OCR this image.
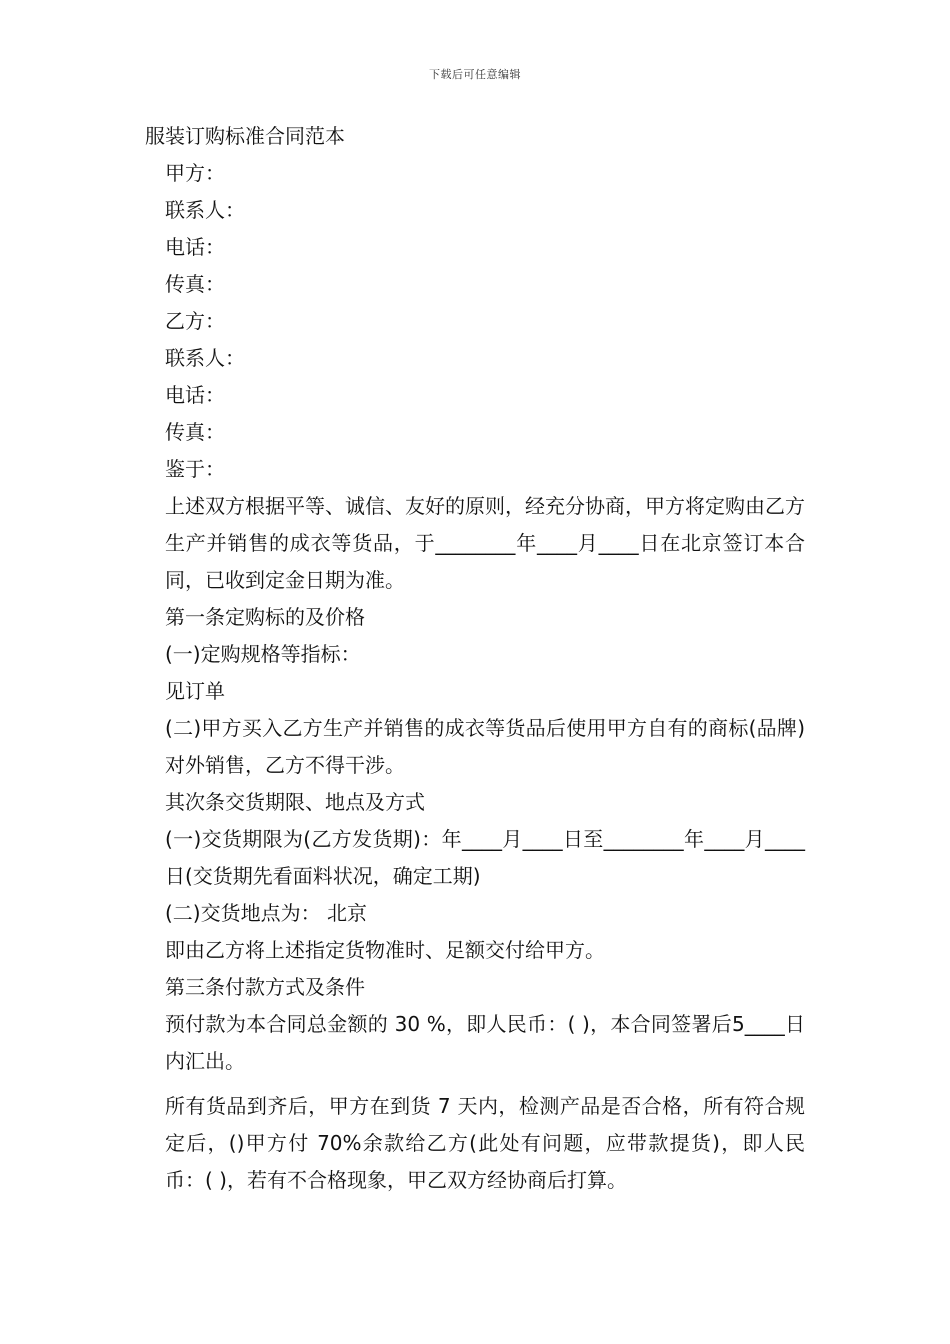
下载后可任意编辑

服装订购标准合同范本

甲方：

联系人：

电话：

传真：

乙方：

联系人：

电话：

传真：

鉴于：

上述双方根据平等、诚信、友好的原则，经充分协商，甲方将定购由乙方生产并销售的成衣等货品，于________年____月____日在北京签订本合同，已收到定金日期为准。

第一条定购标的及价格

(一)定购规格等指标：

见订单

(二)甲方买入乙方生产并销售的成衣等货品后使用甲方自有的商标(品牌)对外销售，乙方不得干涉。

其次条交货期限、地点及方式

(一)交货期限为(乙方发货期)：年____月____日至________年____月____日(交货期先看面料状况，确定工期)

(二)交货地点为： 北京

即由乙方将上述指定货物准时、足额交付给甲方。

第三条付款方式及条件

预付款为本合同总金额的 30 %，即人民币：( )，本合同签署后5____日内汇出。

所有货品到齐后，甲方在到货 7 天内，检测产品是否合格，所有符合规定后，()甲方付 70%余款给乙方(此处有问题，应带款提货)，即人民币：( )，若有不合格现象，甲乙双方经协商后打算。
